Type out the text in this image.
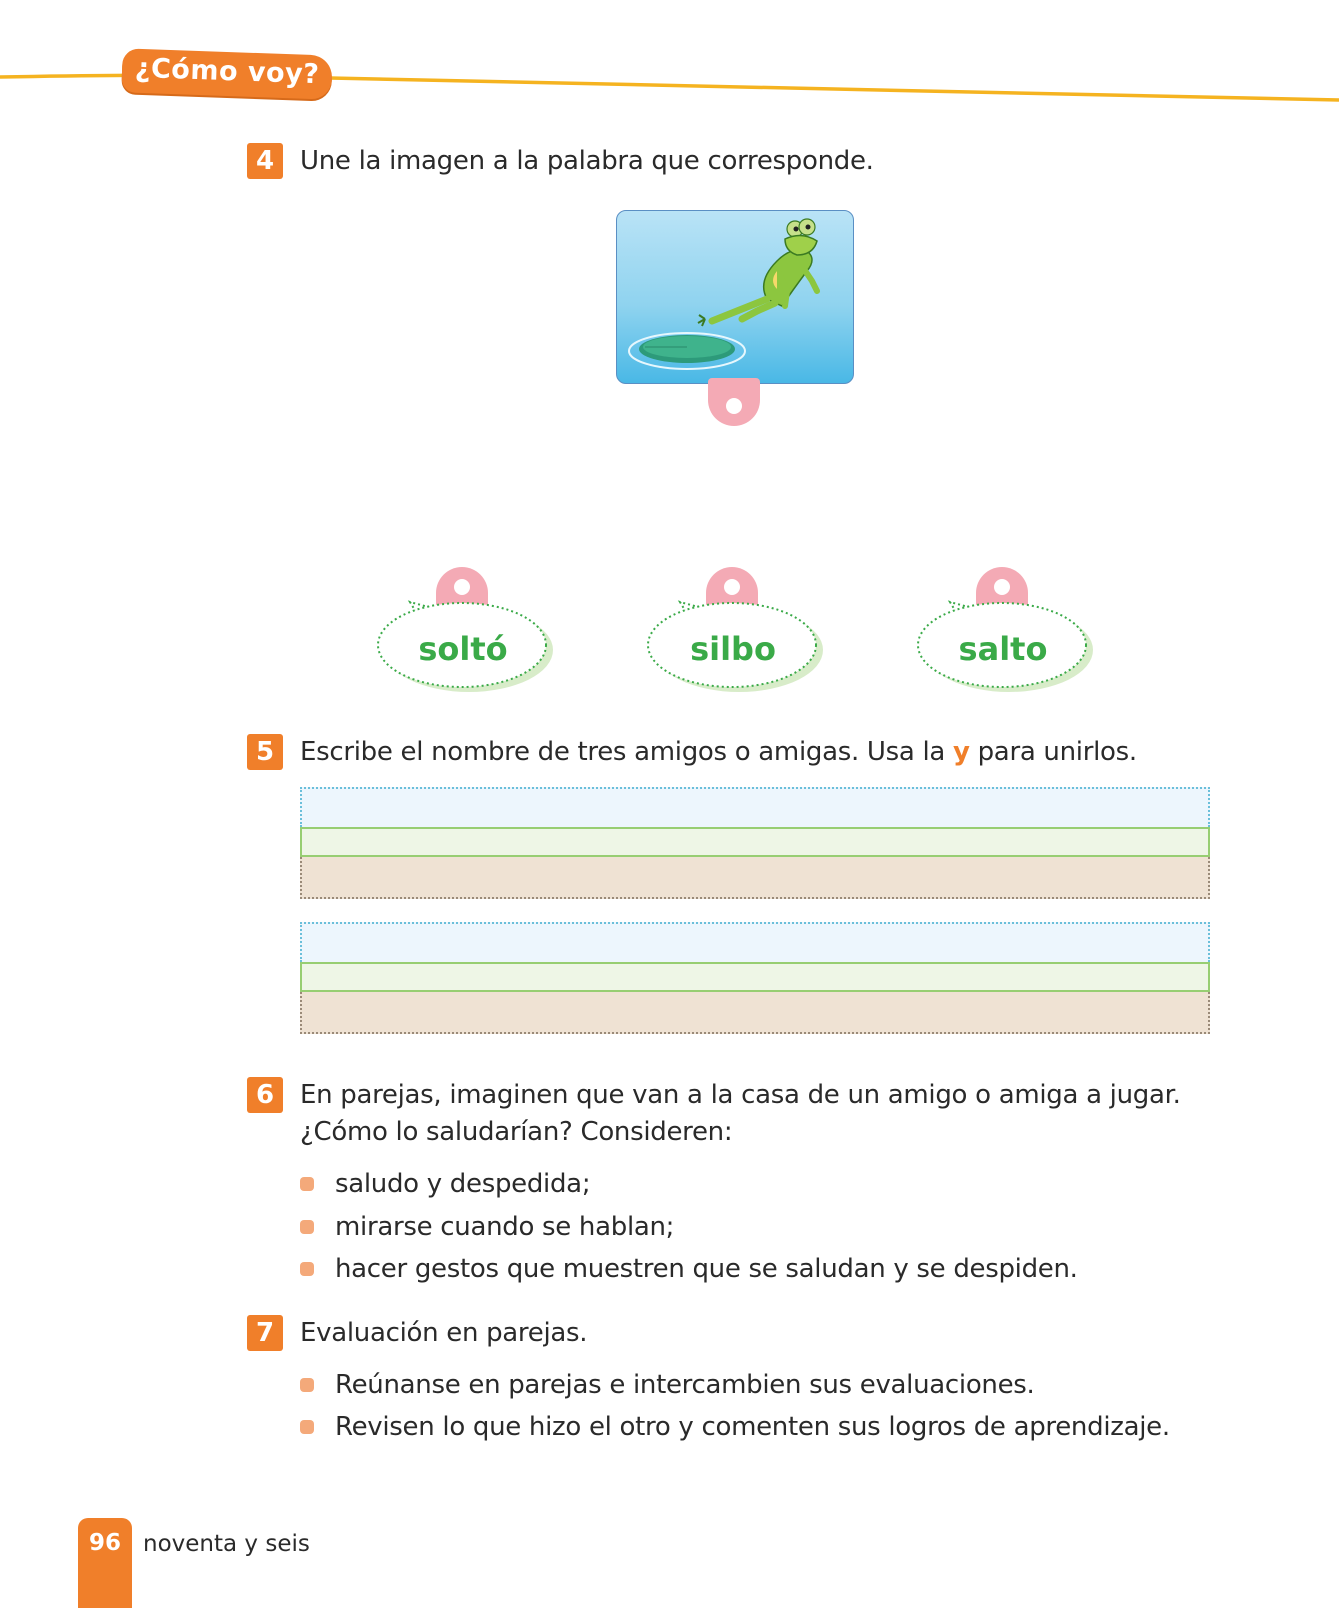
¿Cómo voy?
4 Une la imagen a la palabra que corresponde.
soltó	silbo	salto
5 Escribe el nombre de tres amigos o amigas. Usa la y para unirlos.
6 En parejas, imaginen que van a la casa de un amigo o amiga a jugar.
¿Cómo lo saludarían? Consideren:
saludo y despedida;
mirarse cuando se hablan;
hacer gestos que muestren que se saludan y se despiden.
7 Evaluación en parejas.
Reúnanse en parejas e intercambien sus evaluaciones.
Revisen lo que hizo el otro y comenten sus logros de aprendizaje.
96 noventa y seis
